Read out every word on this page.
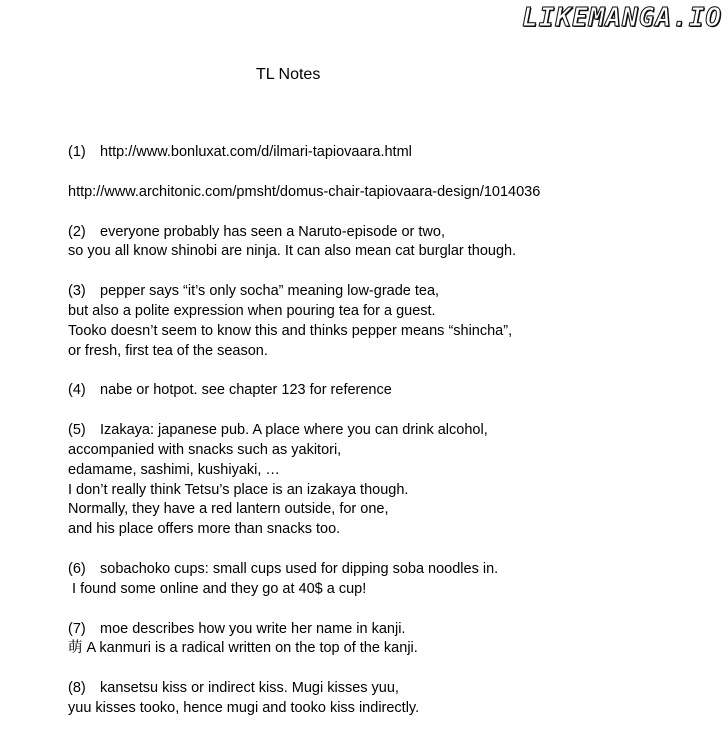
LIKEMANGA.IO
TL Notes
(1) http://www.bonluxat.com/d/ilmari-tapiovaara.html
http://www.architonic.com/pmsht/domus-chair-tapiovaara-design/1014036
(2) everyone probably has seen a Naruto-episode or two,
so you all know shinobi are ninja. It can also mean cat burglar though.
(3) pepper says “it’s only socha” meaning low-grade tea,
but also a polite expression when pouring tea for a guest.
Tooko doesn’t seem to know this and thinks pepper means “shincha”,
or fresh, first tea of the season.
(4) nabe or hotpot. see chapter 123 for reference
(5) Izakaya: japanese pub. A place where you can drink alcohol,
accompanied with snacks such as yakitori,
edamame, sashimi, kushiyaki, …
I don’t really think Tetsu’s place is an izakaya though.
Normally, they have a red lantern outside, for one,
and his place offers more than snacks too.
(6) sobachoko cups: small cups used for dipping soba noodles in.
I found some online and they go at 40$ a cup!
(7) moe describes how you write her name in kanji.
萌 A kanmuri is a radical written on the top of the kanji.
(8) kansetsu kiss or indirect kiss. Mugi kisses yuu,
yuu kisses tooko, hence mugi and tooko kiss indirectly.
